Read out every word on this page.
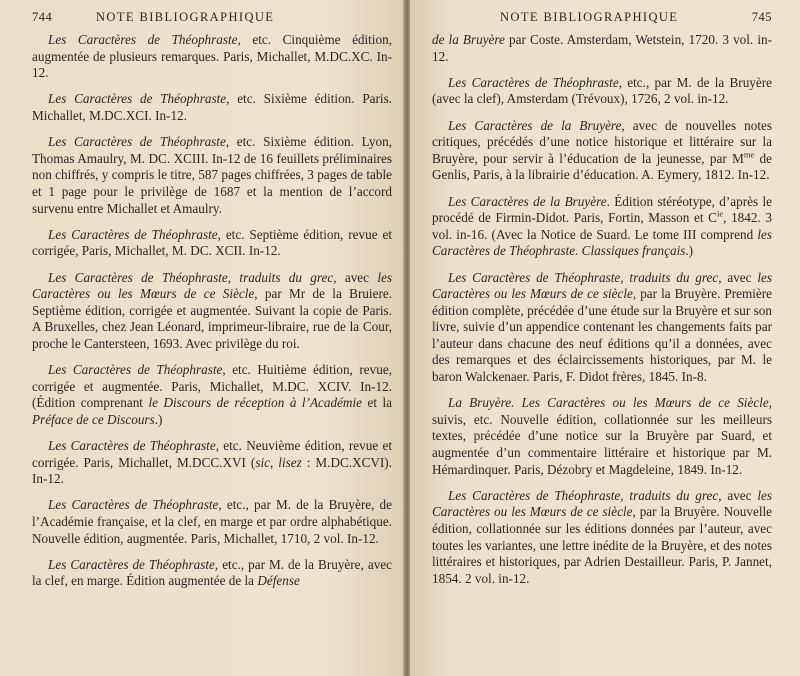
744	NOTE BIBLIOGRAPHIQUE

Les Caractères de Théophraste, etc. Cinquième édition, augmentée de plusieurs remarques. Paris, Michallet, M.DC.XC. In-12.

Les Caractères de Théophraste, etc. Sixième édition. Paris. Michallet, M.DC.XCI. In-12.

Les Caractères de Théophraste, etc. Sixième édition. Lyon, Thomas Amaulry, M. DC. XCIII. In-12 de 16 feuillets préliminaires non chiffrés, y compris le titre, 587 pages chiffrées, 3 pages de table et 1 page pour le privilège de 1687 et la mention de l’accord survenu entre Michallet et Amaulry.

Les Caractères de Théophraste, etc. Septième édition, revue et corrigée, Paris, Michallet, M. DC. XCII. In-12.

Les Caractères de Théophraste, traduits du grec, avec les Caractères ou les Mœurs de ce Siècle, par Mr de la Bruiere. Septième édition, corrigée et augmentée. Suivant la copie de Paris. A Bruxelles, chez Jean Léonard, imprimeur-libraire, rue de la Cour, proche le Cantersteen, 1693. Avec privilège du roi.

Les Caractères de Théophraste, etc. Huitième édition, revue, corrigée et augmentée. Paris, Michallet, M.DC. XCIV. In-12. (Édition comprenant le Discours de réception à l’Académie et la Préface de ce Discours.)

Les Caractères de Théophraste, etc. Neuvième édition, revue et corrigée. Paris, Michallet, M.DCC.XVI (sic, lisez : M.DC.XCVI). In-12.

Les Caractères de Théophraste, etc., par M. de la Bruyère, de l’Académie française, et la clef, en marge et par ordre alphabétique. Nouvelle édition, augmentée. Paris, Michallet, 1710, 2 vol. In-12.

Les Caractères de Théophraste, etc., par M. de la Bruyère, avec la clef, en marge. Édition augmentée de la Défense

NOTE BIBLIOGRAPHIQUE	745

de la Bruyère par Coste. Amsterdam, Wetstein, 1720. 3 vol. in-12.

Les Caractères de Théophraste, etc., par M. de la Bruyère (avec la clef), Amsterdam (Trévoux), 1726, 2 vol. in-12.

Les Caractères de la Bruyère, avec de nouvelles notes critiques, précédés d’une notice historique et littéraire sur la Bruyère, pour servir à l’éducation de la jeunesse, par $M^{me}$ de Genlis, Paris, à la librairie d’éducation. A. Eymery, 1812. In-12.

Les Caractères de la Bruyère. Édition stéréotype, d’après le procédé de Firmin-Didot. Paris, Fortin, Masson et $C^{ie}$, 1842. 3 vol. in-16. (Avec la Notice de Suard. Le tome III comprend les Caractères de Théophraste. Classiques français.)

Les Caractères de Théophraste, traduits du grec, avec les Caractères ou les Mœurs de ce siècle, par la Bruyère. Première édition complète, précédée d’une étude sur la Bruyère et sur son livre, suivie d’un appendice contenant les changements faits par l’auteur dans chacune des neuf éditions qu’il a données, avec des remarques et des éclaircissements historiques, par M. le baron Walckenaer. Paris, F. Didot frères, 1845. In-8.

La Bruyère. Les Caractères ou les Mœurs de ce Siècle, suivis, etc. Nouvelle édition, collationnée sur les meilleurs textes, précédée d’une notice sur la Bruyère par Suard, et augmentée d’un commentaire littéraire et historique par M. Hémardinquer. Paris, Dézobry et Magdeleine, 1849. In-12.

Les Caractères de Théophraste, traduits du grec, avec les Caractères ou les Mœurs de ce siècle, par la Bruyère. Nouvelle édition, collationnée sur les éditions données par l’auteur, avec toutes les variantes, une lettre inédite de la Bruyère, et des notes littéraires et historiques, par Adrien Destailleur. Paris, P. Jannet, 1854. 2 vol. in-12.
